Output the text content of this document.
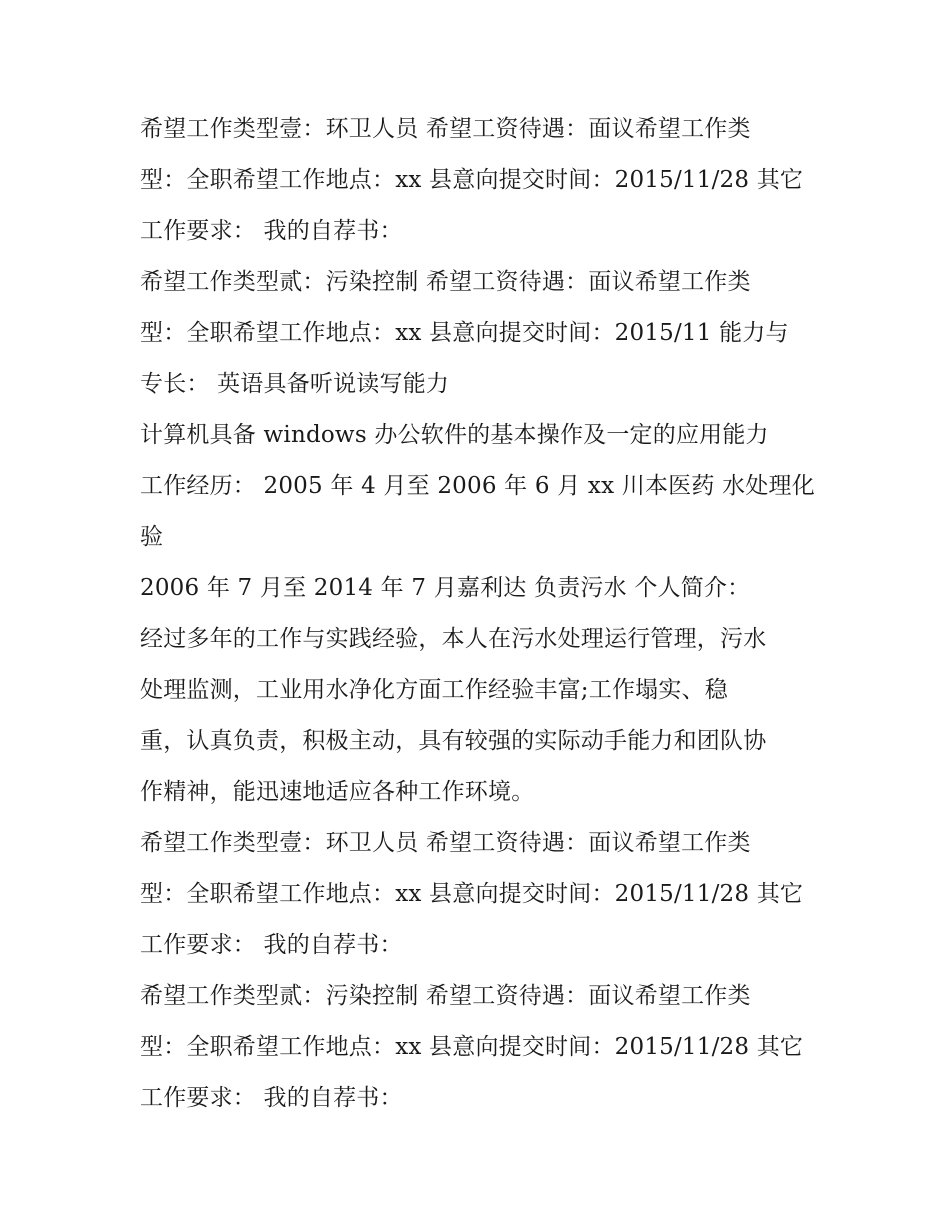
希望工作类型壹：环卫人员 希望工资待遇：面议希望工作类
型：全职希望工作地点：xx 县意向提交时间：2015/11/28 其它
工作要求： 我的自荐书：
希望工作类型贰：污染控制 希望工资待遇：面议希望工作类
型：全职希望工作地点：xx 县意向提交时间：2015/11 能力与
专长： 英语具备听说读写能力
计算机具备 windows 办公软件的基本操作及一定的应用能力
工作经历： 2005 年 4 月至 2006 年 6 月 xx 川本医药 水处理化
验
2006 年 7 月至 2014 年 7 月嘉利达 负责污水 个人简介：
经过多年的工作与实践经验，本人在污水处理运行管理，污水
处理监测，工业用水净化方面工作经验丰富;工作塌实、稳
重，认真负责，积极主动，具有较强的实际动手能力和团队协
作精神，能迅速地适应各种工作环境。
希望工作类型壹：环卫人员 希望工资待遇：面议希望工作类
型：全职希望工作地点：xx 县意向提交时间：2015/11/28 其它
工作要求： 我的自荐书：
希望工作类型贰：污染控制 希望工资待遇：面议希望工作类
型：全职希望工作地点：xx 县意向提交时间：2015/11/28 其它
工作要求： 我的自荐书：
